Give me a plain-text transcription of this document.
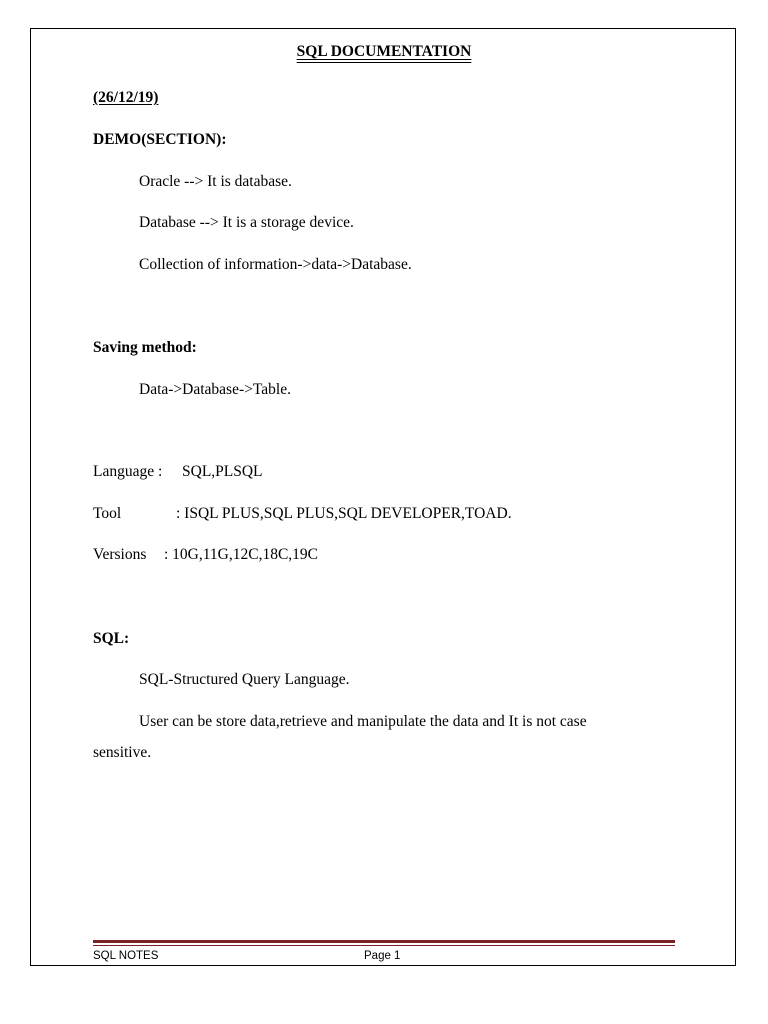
SQL DOCUMENTATION
(26/12/19)
DEMO(SECTION):
Oracle --> It is database.
Database --> It is a storage device.
Collection of information->data->Database.
Saving method:
Data->Database->Table.
Language : SQL,PLSQL
Tool	: ISQL PLUS,SQL PLUS,SQL DEVELOPER,TOAD.
Versions : 10G,11G,12C,18C,19C
SQL:
SQL-Structured Query Language.
User can be store data,retrieve and manipulate the data and It is not case
sensitive.
SQL NOTES	Page 1
